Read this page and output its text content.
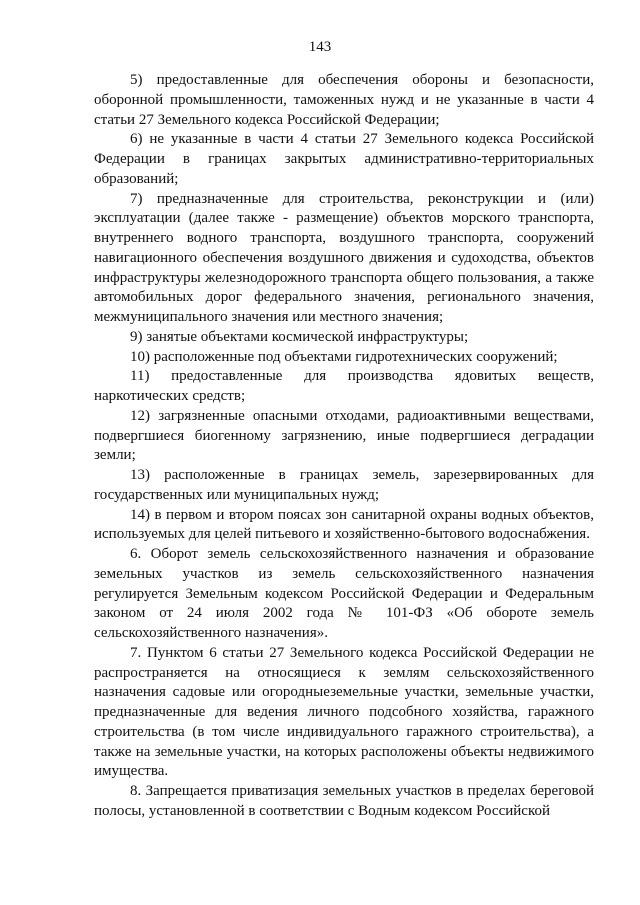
143

5) предоставленные для обеспечения обороны и безопасности, оборонной промышленности, таможенных нужд и не указанные в части 4 статьи 27 Земельного кодекса Российской Федерации;

6) не указанные в части 4 статьи 27 Земельного кодекса Российской Федерации в границах закрытых административно-территориальных образований;

7) предназначенные для строительства, реконструкции и (или) эксплуатации (далее также - размещение) объектов морского транспорта, внутреннего водного транспорта, воздушного транспорта, сооружений навигационного обеспечения воздушного движения и судоходства, объектов инфраструктуры железнодорожного транспорта общего пользования, а также автомобильных дорог федерального значения, регионального значения, межмуниципального значения или местного значения;

9) занятые объектами космической инфраструктуры;

10) расположенные под объектами гидротехнических сооружений;

11) предоставленные для производства ядовитых веществ, наркотических средств;

12) загрязненные опасными отходами, радиоактивными веществами, подвергшиеся биогенному загрязнению, иные подвергшиеся деградации земли;

13) расположенные в границах земель, зарезервированных для государственных или муниципальных нужд;

14) в первом и втором поясах зон санитарной охраны водных объектов, используемых для целей питьевого и хозяйственно-бытового водоснабжения.

6. Оборот земель сельскохозяйственного назначения и образование земельных участков из земель сельскохозяйственного назначения регулируется Земельным кодексом Российской Федерации и Федеральным законом от 24 июля 2002 года № 101-ФЗ «Об обороте земель сельскохозяйственного назначения».

7. Пунктом 6 статьи 27 Земельного кодекса Российской Федерации не распространяется на относящиеся к землям сельскохозяйственного назначения садовые или огородныеземельные участки, земельные участки, предназначенные для ведения личного подсобного хозяйства, гаражного строительства (в том числе индивидуального гаражного строительства), а также на земельные участки, на которых расположены объекты недвижимого имущества.

8. Запрещается приватизация земельных участков в пределах береговой полосы, установленной в соответствии с Водным кодексом Российской
